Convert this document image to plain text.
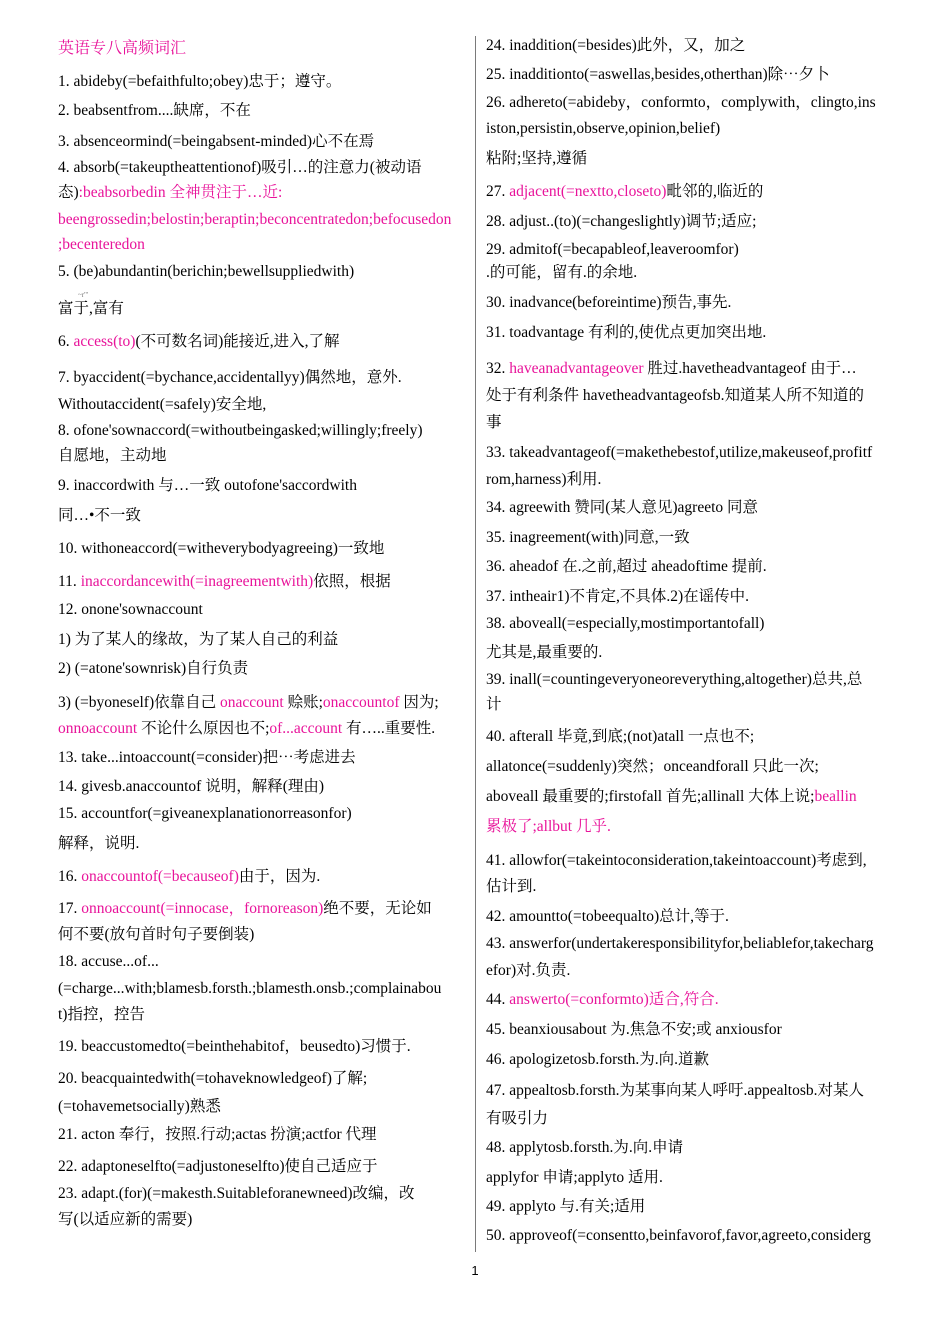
英语专八高频词汇
1. abideby(=befaithfulto;obey)忠于；遵守。
2. beabsentfrom....缺席，不在
3. absenceormind(=beingabsent-minded)心不在焉
4. absorb(=takeuptheattentionof)吸引…的注意力(被动语
态):beabsorbedin 全神贯注于…近:
beengrossedin;belostin;beraptin;beconcentratedon;befocusedon
;becenteredon
5. (be)abundantin(berichin;bewellsuppliedwith)
富于,富有
6. access(to)(不可数名词)能接近,进入,了解
7. byaccident(=bychance,accidentallyy)偶然地，意外.
Withoutaccident(=safely)安全地,
8. ofone'sownaccord(=withoutbeingasked;willingly;freely)
自愿地，主动地
9. inaccordwith 与…一致 outofone'saccordwith
同…•不一致
10. withoneaccord(=witheverybodyagreeing)一致地
11. inaccordancewith(=inagreementwith)依照，根据
12. onone'sownaccount
1) 为了某人的缘故，为了某人自己的利益
2) (=atone'sownrisk)自行负责
3) (=byoneself)依靠自己 onaccount 赊账;onaccountof 因为;
onnoaccount 不论什么原因也不;of...account 有…..重要性.
13. take...intoaccount(=consider)把⋯考虑进去
14. givesb.anaccountof 说明，解释(理由)
15. accountfor(=giveanexplanationorreasonfor)
解释，说明.
16. onaccountof(=becauseof)由于，因为.
17. onnoaccount(=innocase，fornoreason)绝不要，无论如
何不要(放句首时句子要倒装)
18. accuse...of...
(=charge...with;blamesb.forsth.;blamesth.onsb.;complainabou
t)指控，控告
19. beaccustomedto(=beinthehabitof，beusedto)习惯于.
20. beacquaintedwith(=tohaveknowledgeof)了解;
(=tohavemetsocially)熟悉
21. acton 奉行，按照.行动;actas 扮演;actfor 代理
22. adaptoneselfto(=adjustoneselfto)使自己适应于
23. adapt.(for)(=makesth.Suitableforanewneed)改编，改
写(以适应新的需要)
~r'"
24. inaddition(=besides)此外，又，加之
25. inadditionto(=aswellas,besides,otherthan)除⋯夕卜
26. adhereto(=abideby，conformto，complywith，clingto,ins
iston,persistin,observe,opinion,belief)
粘附;坚持,遵循
27. adjacent(=nextto,closeto)毗邻的,临近的
28. adjust..(to)(=changeslightly)调节;适应;
29. admitof(=becapableof,leaveroomfor)
.的可能，留有.的余地.
30. inadvance(beforeintime)预告,事先.
31. toadvantage 有利的,使优点更加突出地.
32. haveanadvantageover 胜过.havetheadvantageof 由于…
处于有利条件 havetheadvantageofsb.知道某人所不知道的
事
33. takeadvantageof(=makethebestof,utilize,makeuseof,profitf
rom,harness)利用.
34. agreewith 赞同(某人意见)agreeto 同意
35. inagreement(with)同意,一致
36. aheadof 在.之前,超过 aheadoftime 提前.
37. intheair1)不肯定,不具体.2)在谣传中.
38. aboveall(=especially,mostimportantofall)
尤其是,最重要的.
39. inall(=countingeveryoneoreverything,altogether)总共,总
计
40. afterall 毕竟,到底;(not)atall 一点也不;
allatonce(=suddenly)突然；onceandforall 只此一次;
aboveall 最重要的;firstofall 首先;allinall 大体上说;beallin
累极了;allbut 几乎.
41. allowfor(=takeintoconsideration,takeintoaccount)考虑到,
估计到.
42. amountto(=tobeequalto)总计,等于.
43. answerfor(undertakeresponsibilityfor,beliablefor,takecharg
efor)对.负责.
44. answerto(=conformto)适合,符合.
45. beanxiousabout 为.焦急不安;或 anxiousfor
46. apologizetosb.forsth.为.向.道歉
47. appealtosb.forsth.为某事向某人呼吁.appealtosb.对某人
有吸引力
48. applytosb.forsth.为.向.申请
applyfor 申请;applyto 适用.
49. applyto 与.有关;适用
50. approveof(=consentto,beinfavorof,favor,agreeto,considerg
1
